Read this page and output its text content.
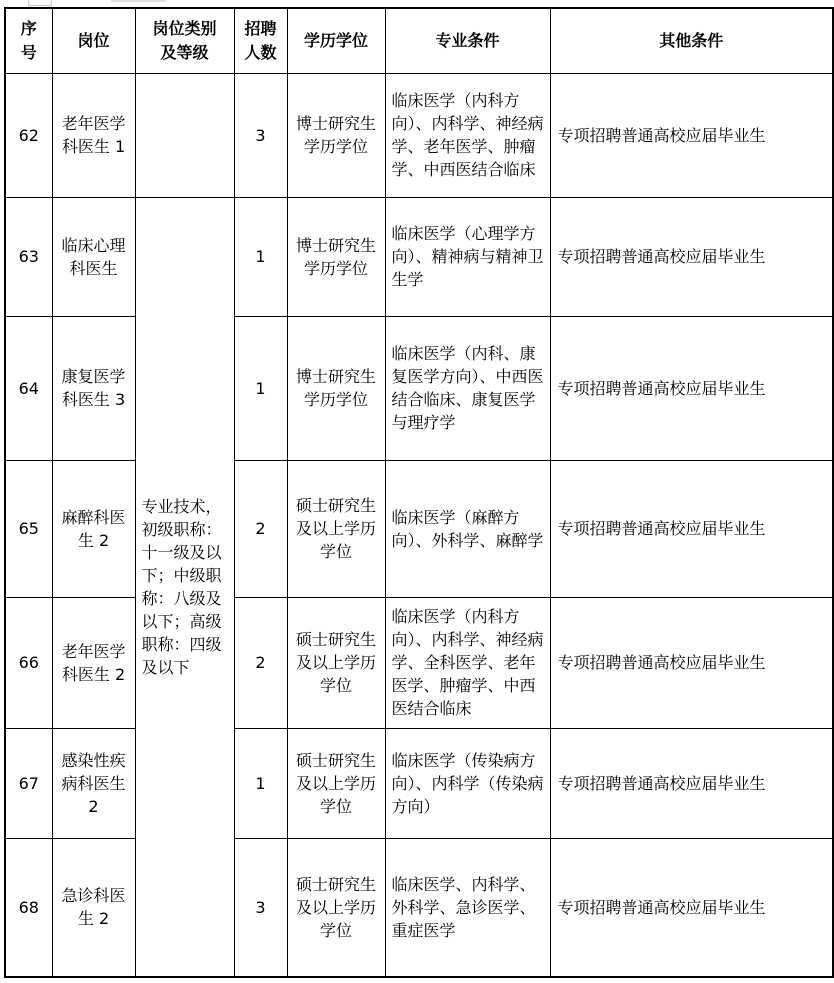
序号	岗位	岗位类别及等级	招聘人数	学历学位	专业条件	其他条件
62	老年医学科医生 1		3	博士研究生学历学位	临床医学（内科方向）、内科学、神经病学、老年医学、肿瘤学、中西医结合临床	专项招聘普通高校应届毕业生
63	临床心理科医生	专业技术，初级职称：十一级及以下；中级职称：八级及以下；高级职称：四级及以下	1	博士研究生学历学位	临床医学（心理学方向）、精神病与精神卫生学	专项招聘普通高校应届毕业生
64	康复医学科医生 3		1	博士研究生学历学位	临床医学（内科、康复医学方向）、中西医结合临床、康复医学与理疗学	专项招聘普通高校应届毕业生
65	麻醉科医生 2		2	硕士研究生及以上学历学位	临床医学（麻醉方向）、外科学、麻醉学	专项招聘普通高校应届毕业生
66	老年医学科医生 2		2	硕士研究生及以上学历学位	临床医学（内科方向）、内科学、神经病学、全科医学、老年医学、肿瘤学、中西医结合临床	专项招聘普通高校应届毕业生
67	感染性疾病科医生 2		1	硕士研究生及以上学历学位	临床医学（传染病方向）、内科学（传染病方向）	专项招聘普通高校应届毕业生
68	急诊科医生 2		3	硕士研究生及以上学历学位	临床医学、内科学、外科学、急诊医学、重症医学	专项招聘普通高校应届毕业生
